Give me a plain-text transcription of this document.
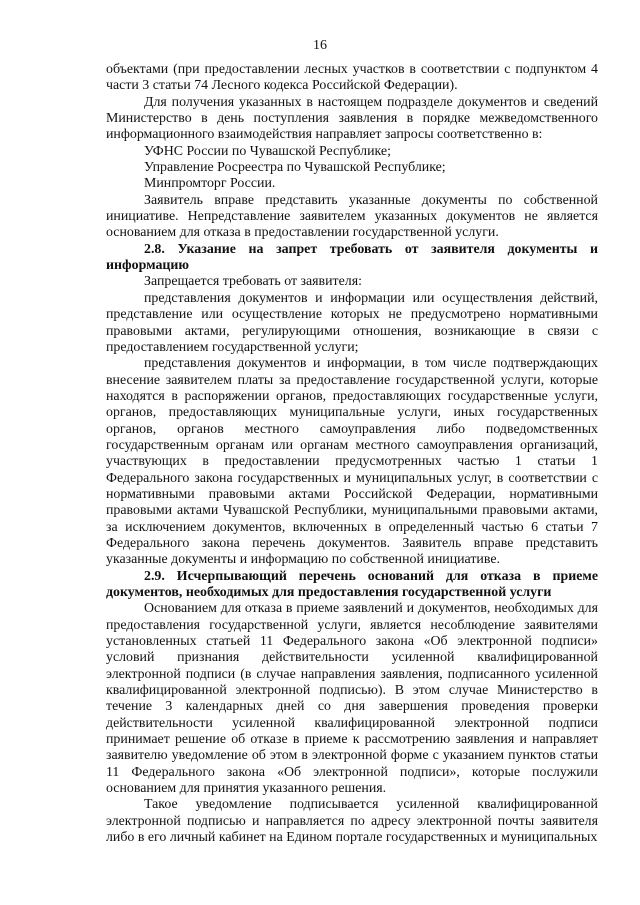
16

объектами (при предоставлении лесных участков в соответствии с подпунктом 4 части 3 статьи 74 Лесного кодекса Российской Федерации).

Для получения указанных в настоящем подразделе документов и сведений Министерство в день поступления заявления в порядке межведомственного информационного взаимодействия направляет запросы соответственно в:

УФНС России по Чувашской Республике;

Управление Росреестра по Чувашской Республике;

Минпромторг России.

Заявитель вправе представить указанные документы по собственной инициативе. Непредставление заявителем указанных документов не является основанием для отказа в предоставлении государственной услуги.

2.8. Указание на запрет требовать от заявителя документы и информацию

Запрещается требовать от заявителя:

представления документов и информации или осуществления действий, представление или осуществление которых не предусмотрено нормативными правовыми актами, регулирующими отношения, возникающие в связи с предоставлением государственной услуги;

представления документов и информации, в том числе подтверждающих внесение заявителем платы за предоставление государственной услуги, которые находятся в распоряжении органов, предоставляющих государственные услуги, органов, предоставляющих муниципальные услуги, иных государственных органов, органов местного самоуправления либо подведомственных государственным органам или органам местного самоуправления организаций, участвующих в предоставлении предусмотренных частью 1 статьи 1 Федерального закона государственных и муниципальных услуг, в соответствии с нормативными правовыми актами Российской Федерации, нормативными правовыми актами Чувашской Республики, муниципальными правовыми актами, за исключением документов, включенных в определенный частью 6 статьи 7 Федерального закона перечень документов. Заявитель вправе представить указанные документы и информацию по собственной инициативе.

2.9. Исчерпывающий перечень оснований для отказа в приеме документов, необходимых для предоставления государственной услуги

Основанием для отказа в приеме заявлений и документов, необходимых для предоставления государственной услуги, является несоблюдение заявителями установленных статьей 11 Федерального закона «Об электронной подписи» условий признания действительности усиленной квалифицированной электронной подписи (в случае направления заявления, подписанного усиленной квалифицированной электронной подписью). В этом случае Министерство в течение 3 календарных дней со дня завершения проведения проверки действительности усиленной квалифицированной электронной подписи принимает решение об отказе в приеме к рассмотрению заявления и направляет заявителю уведомление об этом в электронной форме с указанием пунктов статьи 11 Федерального закона «Об электронной подписи», которые послужили основанием для принятия указанного решения.

Такое уведомление подписывается усиленной квалифицированной электронной подписью и направляется по адресу электронной почты заявителя либо в его личный кабинет на Едином портале государственных и муниципальных
